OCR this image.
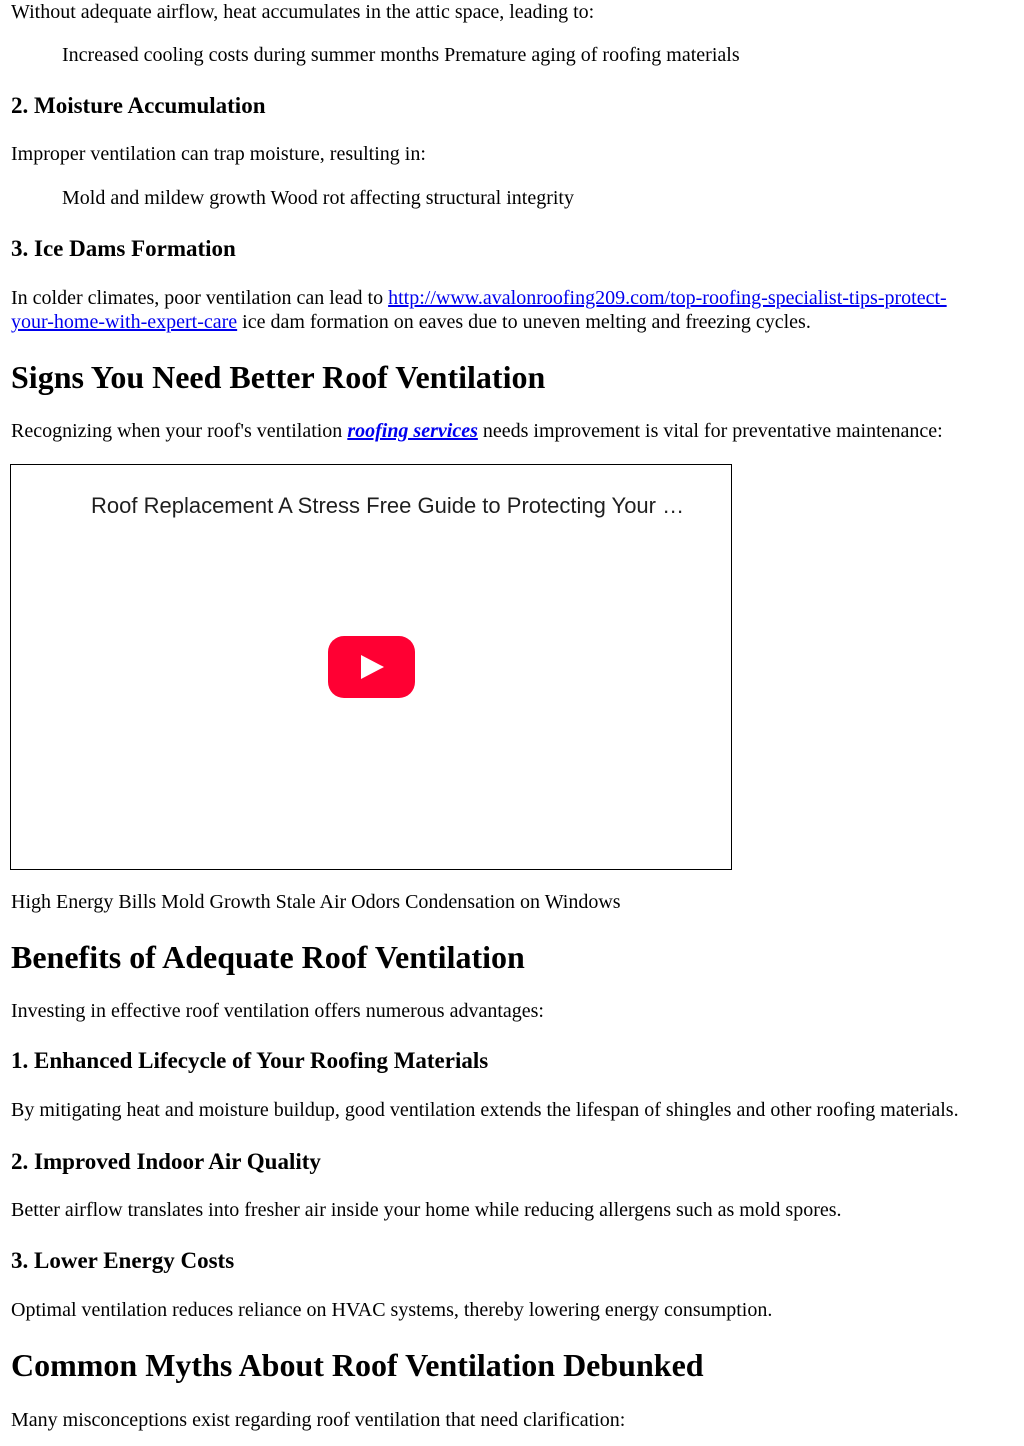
Without adequate airflow, heat accumulates in the attic space, leading to:

Increased cooling costs during summer months Premature aging of roofing materials

2. Moisture Accumulation

Improper ventilation can trap moisture, resulting in:

Mold and mildew growth Wood rot affecting structural integrity

3. Ice Dams Formation

In colder climates, poor ventilation can lead to http://www.avalonroofing209.com/top-roofing-specialist-tips-protect-your-home-with-expert-care ice dam formation on eaves due to uneven melting and freezing cycles.

Signs You Need Better Roof Ventilation

Recognizing when your roof's ventilation roofing services needs improvement is vital for preventative maintenance:

Roof Replacement A Stress Free Guide to Protecting Your …

High Energy Bills Mold Growth Stale Air Odors Condensation on Windows

Benefits of Adequate Roof Ventilation

Investing in effective roof ventilation offers numerous advantages:

1. Enhanced Lifecycle of Your Roofing Materials

By mitigating heat and moisture buildup, good ventilation extends the lifespan of shingles and other roofing materials.

2. Improved Indoor Air Quality

Better airflow translates into fresher air inside your home while reducing allergens such as mold spores.

3. Lower Energy Costs

Optimal ventilation reduces reliance on HVAC systems, thereby lowering energy consumption.

Common Myths About Roof Ventilation Debunked

Many misconceptions exist regarding roof ventilation that need clarification:
